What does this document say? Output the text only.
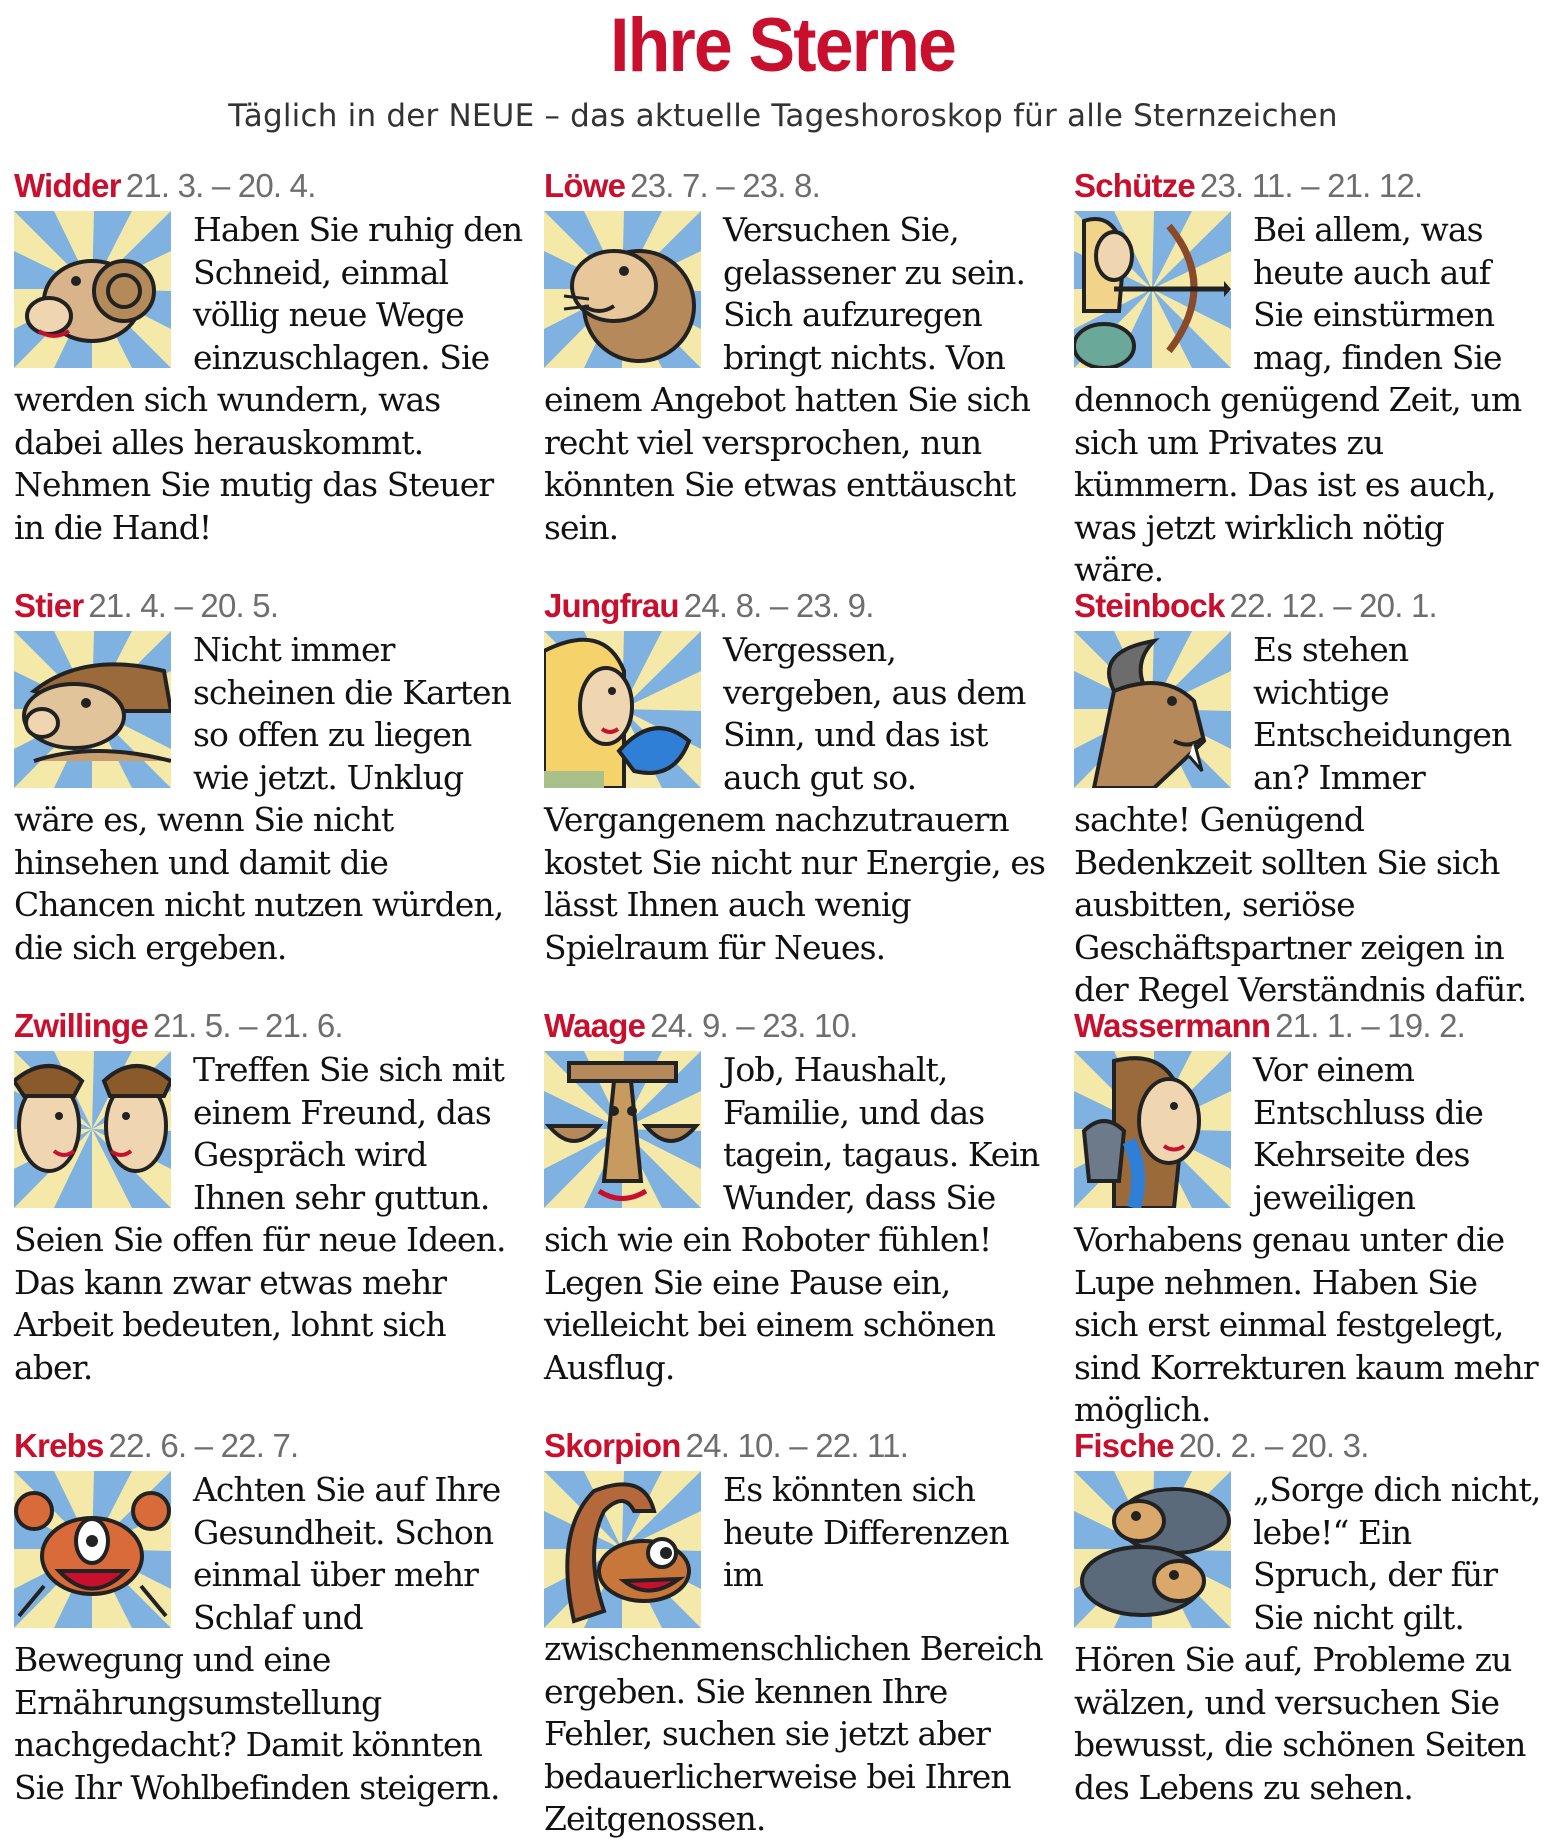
Ihre Sterne
Täglich in der NEUE – das aktuelle Tageshoroskop für alle Sternzeichen
Widder 21. 3. – 20. 4.
Haben Sie ruhig den Schneid, einmal völlig neue Wege einzuschlagen. Sie werden sich wundern, was dabei alles herauskommt. Nehmen Sie mutig das Steuer in die Hand!
Löwe 23. 7. – 23. 8.
Versuchen Sie, gelassener zu sein. Sich aufzuregen bringt nichts. Von einem Angebot hatten Sie sich recht viel versprochen, nun könnten Sie etwas enttäuscht sein.
Schütze 23. 11. – 21. 12.
Bei allem, was heute auch auf Sie einstürmen mag, finden Sie dennoch genügend Zeit, um sich um Privates zu kümmern. Das ist es auch, was jetzt wirklich nötig wäre.
Stier 21. 4. – 20. 5.
Nicht immer scheinen die Karten so offen zu liegen wie jetzt. Unklug wäre es, wenn Sie nicht hinsehen und damit die Chancen nicht nutzen würden, die sich ergeben.
Jungfrau 24. 8. – 23. 9.
Vergessen, vergeben, aus dem Sinn, und das ist auch gut so. Vergangenem nachzutrauern kostet Sie nicht nur Energie, es lässt Ihnen auch wenig Spielraum für Neues.
Steinbock 22. 12. – 20. 1.
Es stehen wichtige Entscheidungen an? Immer sachte! Genügend Bedenkzeit sollten Sie sich ausbitten, seriöse Geschäftspartner zeigen in der Regel Verständnis dafür.
Zwillinge 21. 5. – 21. 6.
Treffen Sie sich mit einem Freund, das Gespräch wird Ihnen sehr guttun. Seien Sie offen für neue Ideen. Das kann zwar etwas mehr Arbeit bedeuten, lohnt sich aber.
Waage 24. 9. – 23. 10.
Job, Haushalt, Familie, und das tagein, tagaus. Kein Wunder, dass Sie sich wie ein Roboter fühlen! Legen Sie eine Pause ein, vielleicht bei einem schönen Ausflug.
Wassermann 21. 1. – 19. 2.
Vor einem Entschluss die Kehrseite des jeweiligen Vorhabens genau unter die Lupe nehmen. Haben Sie sich erst einmal festgelegt, sind Korrekturen kaum mehr möglich.
Krebs 22. 6. – 22. 7.
Achten Sie auf Ihre Gesundheit. Schon einmal über mehr Schlaf und Bewegung und eine Ernährungsumstellung nachgedacht? Damit könnten Sie Ihr Wohlbefinden steigern.
Skorpion 24. 10. – 22. 11.
Es könnten sich heute Differenzen im zwischenmenschlichen Bereich ergeben. Sie kennen Ihre Fehler, suchen sie jetzt aber bedauerlicherweise bei Ihren Zeitgenossen.
Fische 20. 2. – 20. 3.
„Sorge dich nicht, lebe!“ Ein Spruch, der für Sie nicht gilt. Hören Sie auf, Probleme zu wälzen, und versuchen Sie bewusst, die schönen Seiten des Lebens zu sehen.
